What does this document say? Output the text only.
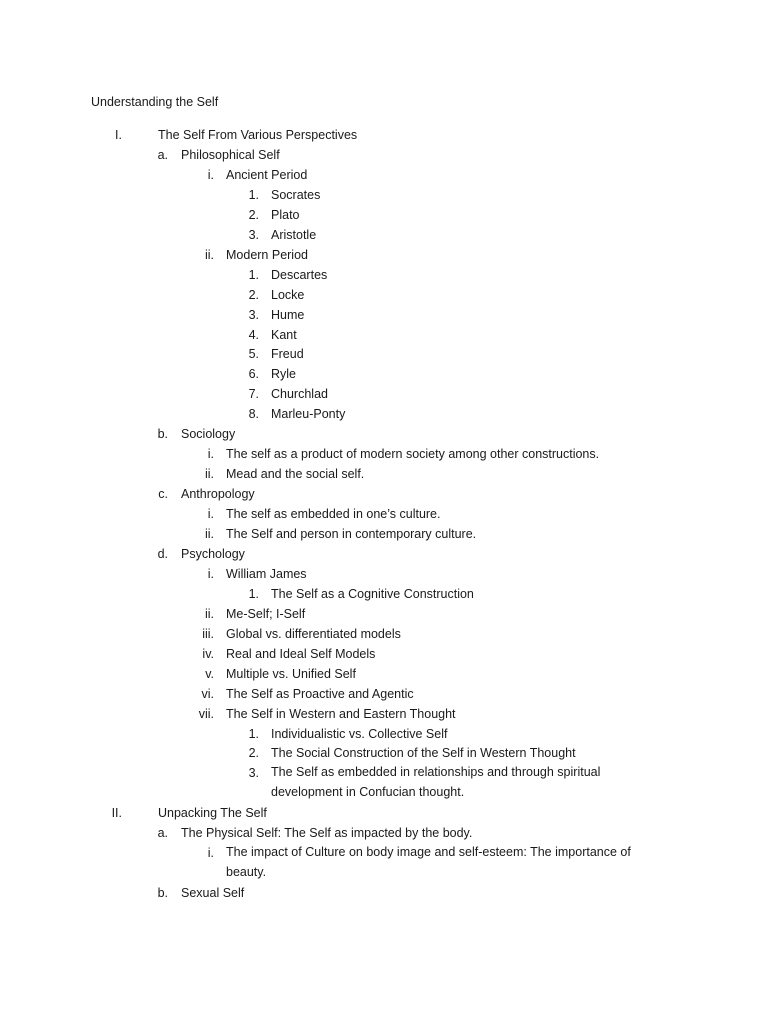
Understanding the Self
I.	The Self From Various Perspectives
a. Philosophical Self
i. Ancient Period
1. Socrates
2. Plato
3. Aristotle
ii. Modern Period
1. Descartes
2. Locke
3. Hume
4. Kant
5. Freud
6. Ryle
7. Churchlad
8. Marleu-Ponty
b. Sociology
i. The self as a product of modern society among other constructions.
ii. Mead and the social self.
c. Anthropology
i. The self as embedded in one’s culture.
ii. The Self and person in contemporary culture.
d. Psychology
i. William James
1. The Self as a Cognitive Construction
ii. Me-Self; I-Self
iii. Global vs. differentiated models
iv. Real and Ideal Self Models
v. Multiple vs. Unified Self
vi. The Self as Proactive and Agentic
vii. The Self in Western and Eastern Thought
1. Individualistic vs. Collective Self
2. The Social Construction of the Self in Western Thought
3. The Self as embedded in relationships and through spiritual development in Confucian thought.
II.	Unpacking The Self
a. The Physical Self: The Self as impacted by the body.
i. The impact of Culture on body image and self-esteem: The importance of beauty.
b. Sexual Self
